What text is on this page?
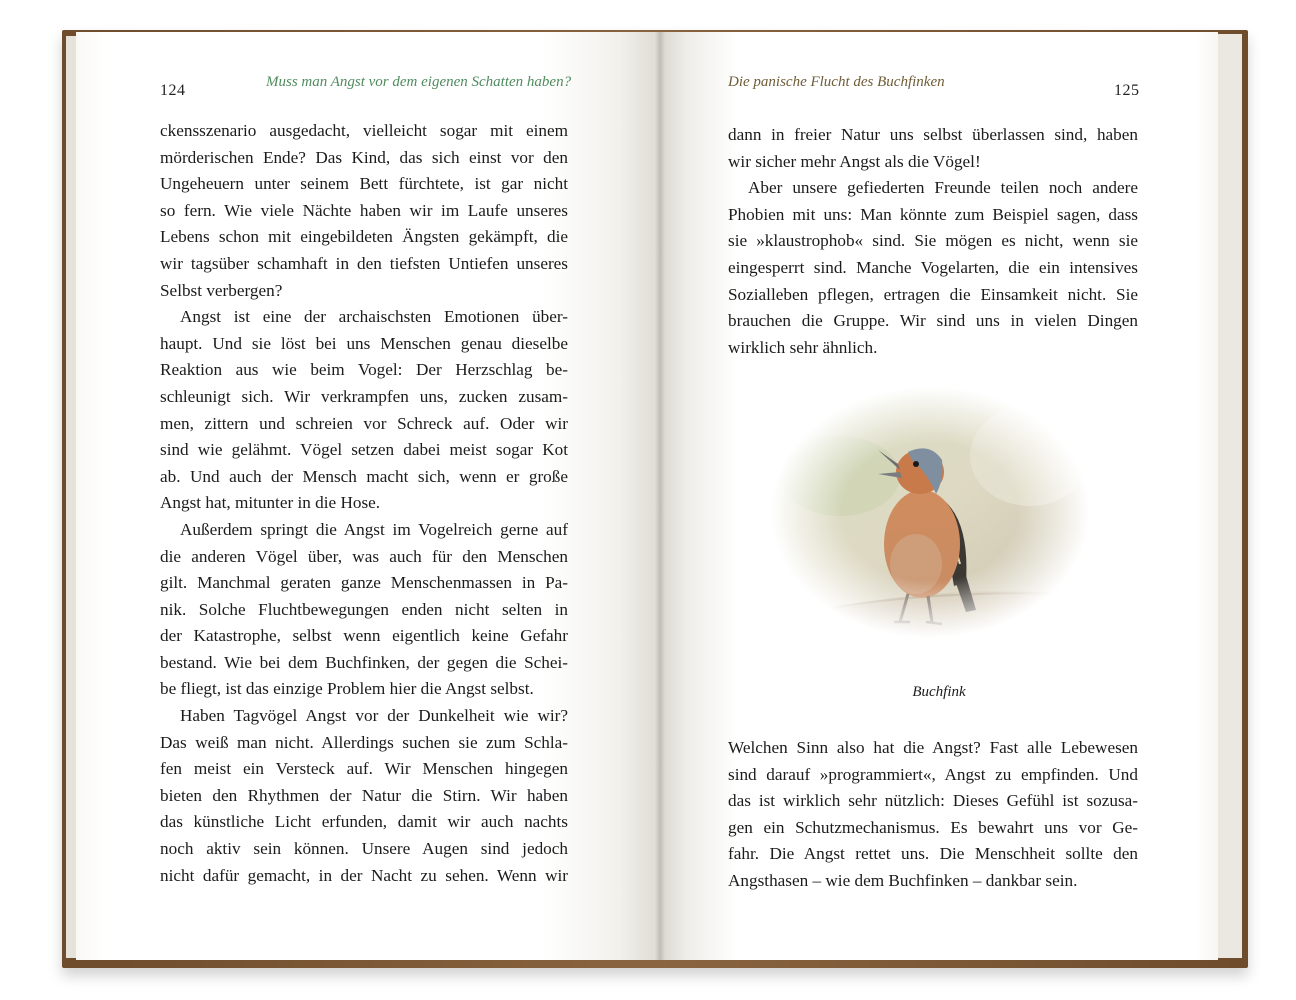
124	Muss man Angst vor dem eigenen Schatten haben?
ckensszenario ausgedacht, vielleicht sogar mit einem
mörderischen Ende? Das Kind, das sich einst vor den
Ungeheuern unter seinem Bett fürchtete, ist gar nicht
so fern. Wie viele Nächte haben wir im Laufe unseres
Lebens schon mit eingebildeten Ängsten gekämpft, die
wir tagsüber schamhaft in den tiefsten Untiefen unseres
Selbst verbergen?
Angst ist eine der archaischsten Emotionen über-
haupt. Und sie löst bei uns Menschen genau dieselbe
Reaktion aus wie beim Vogel: Der Herzschlag be-
schleunigt sich. Wir verkrampfen uns, zucken zusam-
men, zittern und schreien vor Schreck auf. Oder wir
sind wie gelähmt. Vögel setzen dabei meist sogar Kot
ab. Und auch der Mensch macht sich, wenn er große
Angst hat, mitunter in die Hose.
Außerdem springt die Angst im Vogelreich gerne auf
die anderen Vögel über, was auch für den Menschen
gilt. Manchmal geraten ganze Menschenmassen in Pa-
nik. Solche Fluchtbewegungen enden nicht selten in
der Katastrophe, selbst wenn eigentlich keine Gefahr
bestand. Wie bei dem Buchfinken, der gegen die Schei-
be fliegt, ist das einzige Problem hier die Angst selbst.
Haben Tagvögel Angst vor der Dunkelheit wie wir?
Das weiß man nicht. Allerdings suchen sie zum Schla-
fen meist ein Versteck auf. Wir Menschen hingegen
bieten den Rhythmen der Natur die Stirn. Wir haben
das künstliche Licht erfunden, damit wir auch nachts
noch aktiv sein können. Unsere Augen sind jedoch
nicht dafür gemacht, in der Nacht zu sehen. Wenn wir
Die panische Flucht des Buchfinken	125
dann in freier Natur uns selbst überlassen sind, haben
wir sicher mehr Angst als die Vögel!
Aber unsere gefiederten Freunde teilen noch andere
Phobien mit uns: Man könnte zum Beispiel sagen, dass
sie »klaustrophob« sind. Sie mögen es nicht, wenn sie
eingesperrt sind. Manche Vogelarten, die ein intensives
Sozialleben pflegen, ertragen die Einsamkeit nicht. Sie
brauchen die Gruppe. Wir sind uns in vielen Dingen
wirklich sehr ähnlich.
Buchfink
Welchen Sinn also hat die Angst? Fast alle Lebewesen
sind darauf »programmiert«, Angst zu empfinden. Und
das ist wirklich sehr nützlich: Dieses Gefühl ist sozusa-
gen ein Schutzmechanismus. Es bewahrt uns vor Ge-
fahr. Die Angst rettet uns. Die Menschheit sollte den
Angsthasen – wie dem Buchfinken – dankbar sein.
